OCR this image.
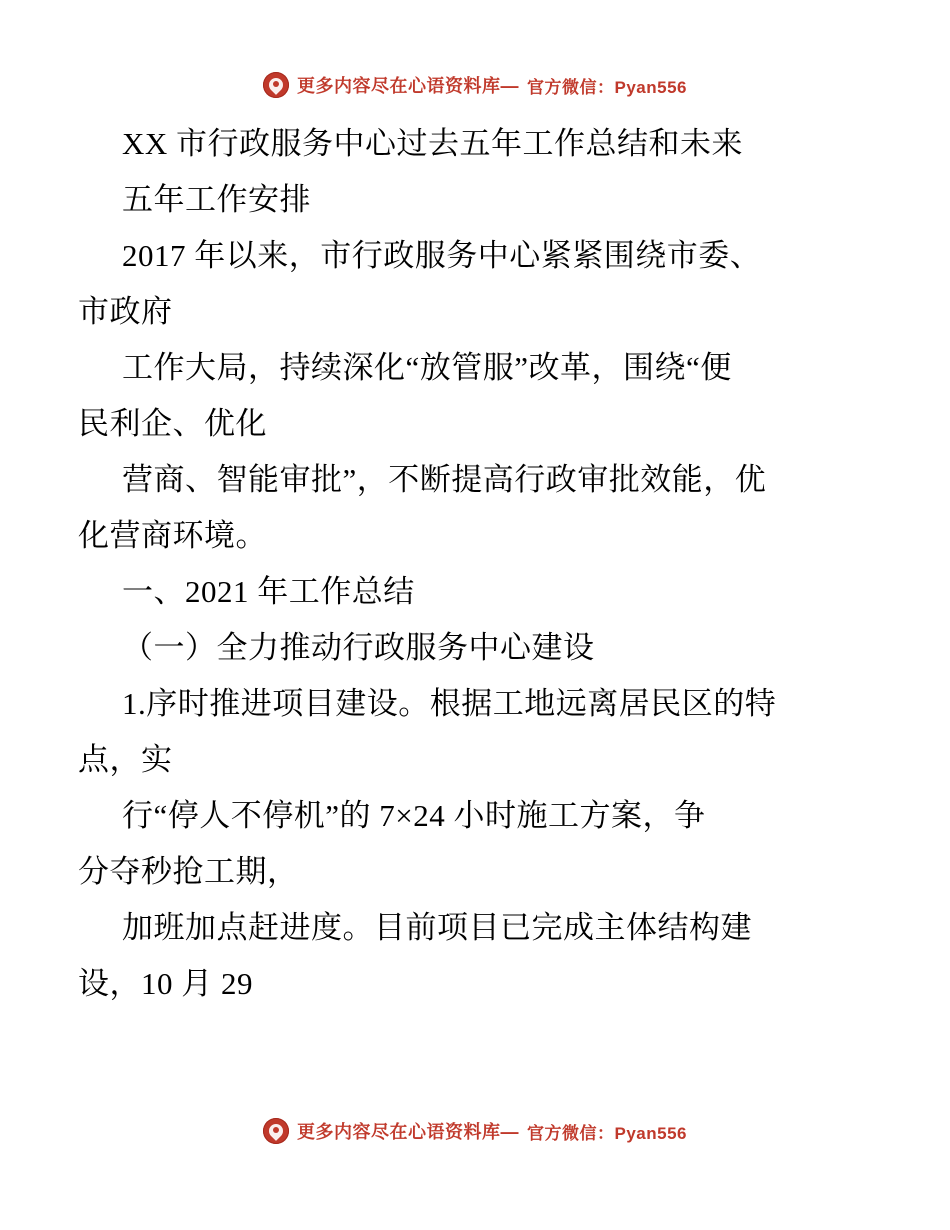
更多内容尽在心语资料库— 官方微信：Pyan556
XX 市行政服务中心过去五年工作总结和未来
五年工作安排
2017 年以来，市行政服务中心紧紧围绕市委、
市政府
工作大局，持续深化“放管服”改革，围绕“便
民利企、优化
营商、智能审批”，不断提高行政审批效能，优
化营商环境。
一、2021 年工作总结
（一）全力推动行政服务中心建设
1.序时推进项目建设。根据工地远离居民区的特
点，实
行“停人不停机”的 7×24 小时施工方案，争
分夺秒抢工期，
加班加点赶进度。目前项目已完成主体结构建
设，10 月 29
更多内容尽在心语资料库— 官方微信：Pyan556
